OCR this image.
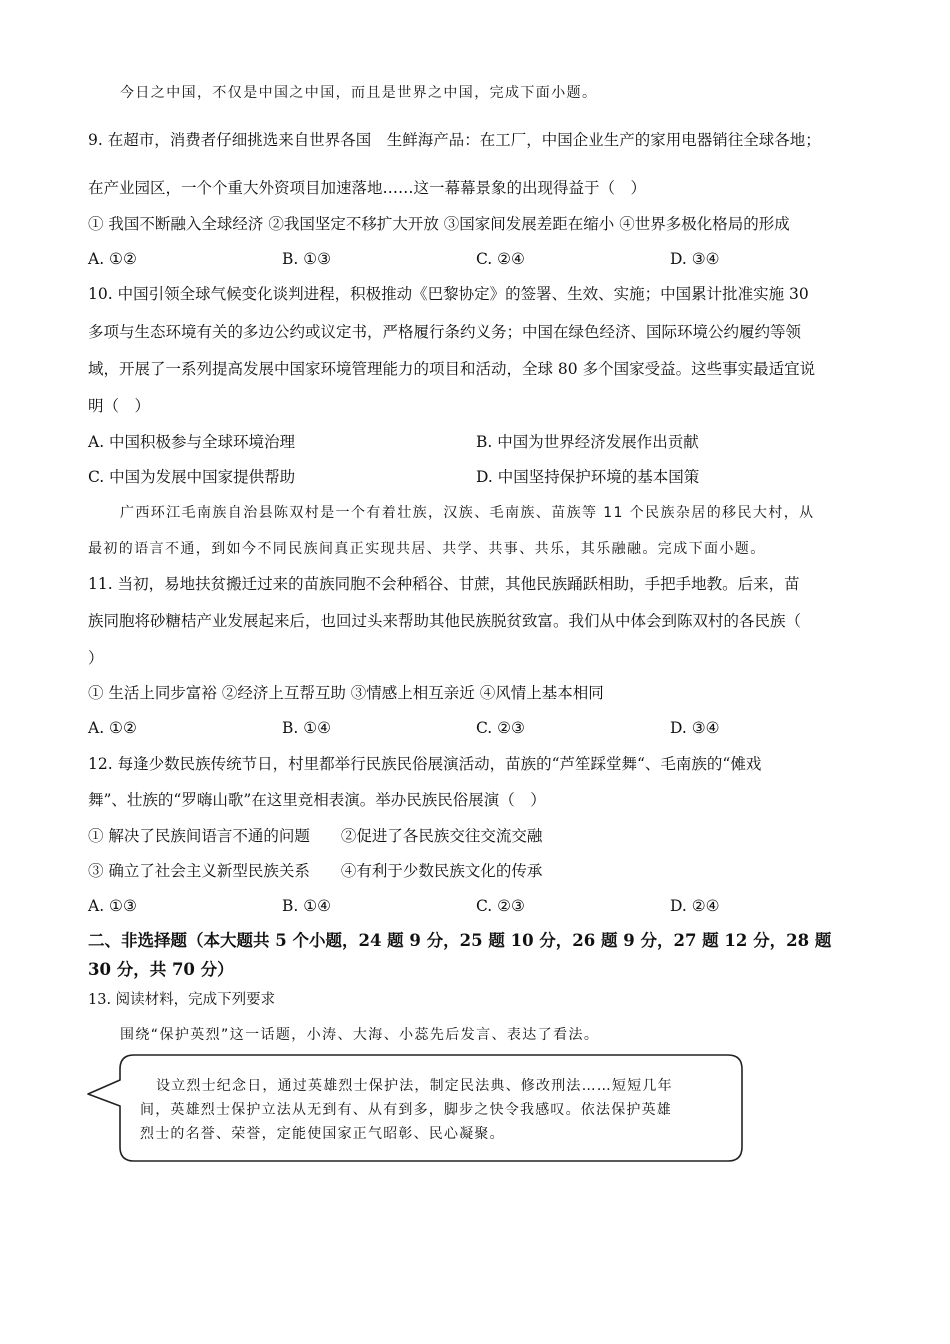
今日之中国，不仅是中国之中国，而且是世界之中国，完成下面小题。
9. 在超市，消费者仔细挑选来自世界各国　生鲜海产品：在工厂，中国企业生产的家用电器销往全球各地；
在产业园区，一个个重大外资项目加速落地……这一幕幕景象的出现得益于（　）
① 我国不断融入全球经济 ②我国坚定不移扩大开放 ③国家间发展差距在缩小 ④世界多极化格局的形成
A. ①②	B. ①③	C. ②④	D. ③④
10. 中国引领全球气候变化谈判进程，积极推动《巴黎协定》的签署、生效、实施；中国累计批准实施 30
多项与生态环境有关的多边公约或议定书，严格履行条约义务；中国在绿色经济、国际环境公约履约等领
域，开展了一系列提高发展中国家环境管理能力的项目和活动，全球 80 多个国家受益。这些事实最适宜说
明（　）
A. 中国积极参与全球环境治理	B. 中国为世界经济发展作出贡献
C. 中国为发展中国家提供帮助	D. 中国坚持保护环境的基本国策
广西环江毛南族自治县陈双村是一个有着壮族，汉族、毛南族、苗族等 11 个民族杂居的移民大村，从
最初的语言不通，到如今不同民族间真正实现共居、共学、共事、共乐，其乐融融。完成下面小题。
11. 当初，易地扶贫搬迁过来的苗族同胞不会种稻谷、甘蔗，其他民族踊跃相助，手把手地教。后来，苗
族同胞将砂糖桔产业发展起来后，也回过头来帮助其他民族脱贫致富。我们从中体会到陈双村的各民族（
）
① 生活上同步富裕 ②经济上互帮互助 ③情感上相互亲近 ④风情上基本相同
A. ①②	B. ①④	C. ②③	D. ③④
12. 每逢少数民族传统节日，村里都举行民族民俗展演活动，苗族的“芦笙踩堂舞“、毛南族的“傩戏
舞”、壮族的“罗嗨山歌”在这里竞相表演。举办民族民俗展演（　）
① 解决了民族间语言不通的问题　　②促进了各民族交往交流交融
③ 确立了社会主义新型民族关系　　④有利于少数民族文化的传承
A. ①③	B. ①④	C. ②③	D. ②④
二、非选择题（本大题共 5 个小题，24 题 9 分，25 题 10 分，26 题 9 分，27 题 12 分，28 题
30 分，共 70 分）
13. 阅读材料，完成下列要求
围绕“保护英烈”这一话题，小涛、大海、小蕊先后发言、表达了看法。
设立烈士纪念日，通过英雄烈士保护法，制定民法典、修改刑法……短短几年
间，英雄烈士保护立法从无到有、从有到多，脚步之快令我感叹。依法保护英雄
烈士的名誉、荣誉，定能使国家正气昭彰、民心凝聚。
